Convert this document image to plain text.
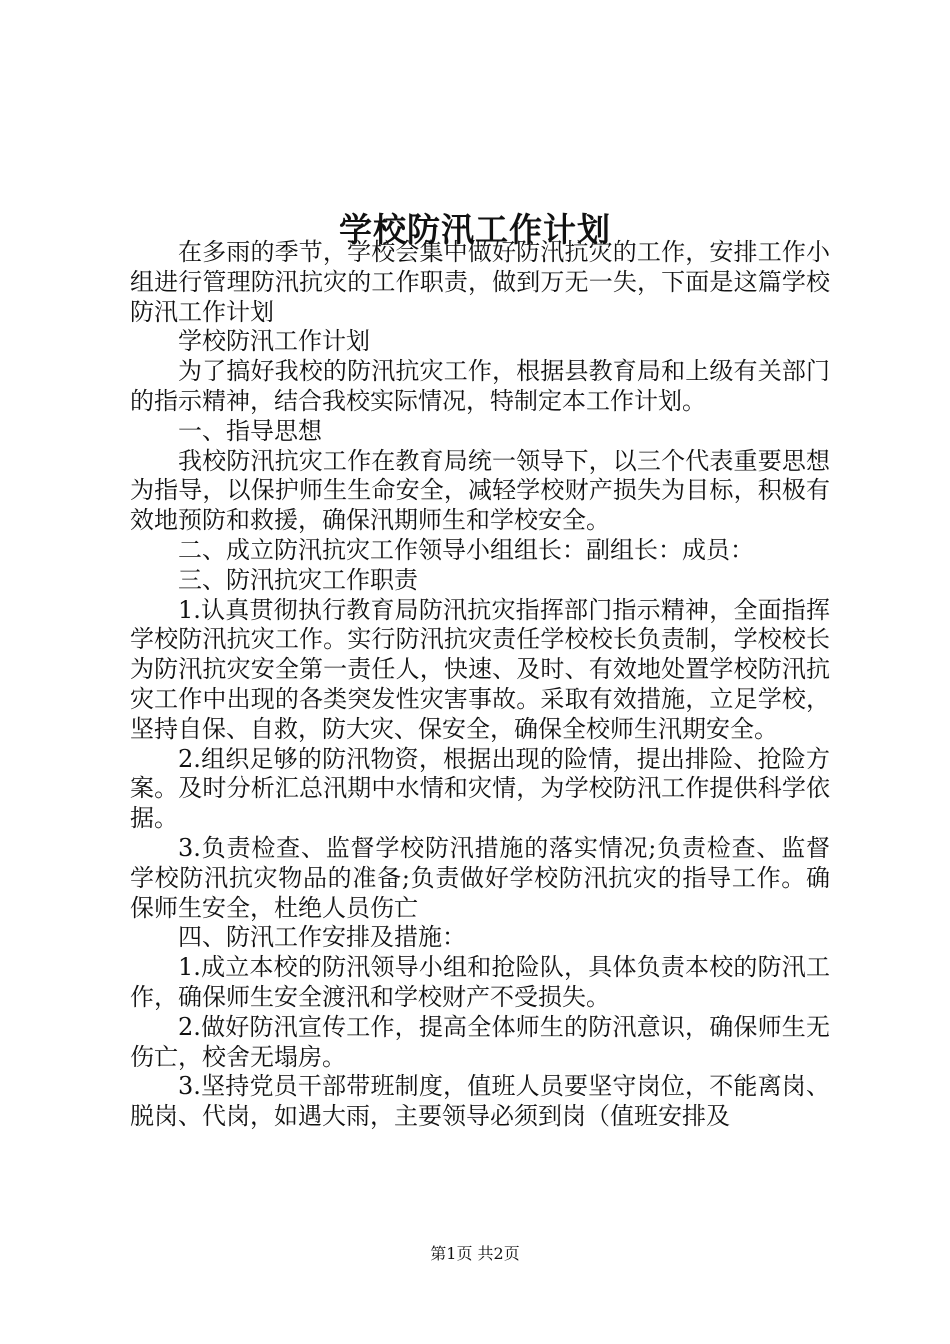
学校防汛工作计划

在多雨的季节，学校会集中做好防汛抗灾的工作，安排工作小组进行管理防汛抗灾的工作职责，做到万无一失，下面是这篇学校防汛工作计划

学校防汛工作计划

为了搞好我校的防汛抗灾工作，根据县教育局和上级有关部门的指示精神，结合我校实际情况，特制定本工作计划。

一、指导思想

我校防汛抗灾工作在教育局统一领导下，以三个代表重要思想为指导，以保护师生生命安全，减轻学校财产损失为目标，积极有效地预防和救援，确保汛期师生和学校安全。

二、成立防汛抗灾工作领导小组组长：副组长：成员：

三、防汛抗灾工作职责

1.认真贯彻执行教育局防汛抗灾指挥部门指示精神，全面指挥学校防汛抗灾工作。实行防汛抗灾责任学校校长负责制，学校校长为防汛抗灾安全第一责任人，快速、及时、有效地处置学校防汛抗灾工作中出现的各类突发性灾害事故。采取有效措施，立足学校，坚持自保、自救，防大灾、保安全，确保全校师生汛期安全。

2.组织足够的防汛物资，根据出现的险情，提出排险、抢险方案。及时分析汇总汛期中水情和灾情，为学校防汛工作提供科学依据。

3.负责检查、监督学校防汛措施的落实情况;负责检查、监督学校防汛抗灾物品的准备;负责做好学校防汛抗灾的指导工作。确保师生安全，杜绝人员伤亡

四、防汛工作安排及措施：

1.成立本校的防汛领导小组和抢险队，具体负责本校的防汛工作，确保师生安全渡汛和学校财产不受损失。

2.做好防汛宣传工作，提高全体师生的防汛意识，确保师生无伤亡，校舍无塌房。

3.坚持党员干部带班制度，值班人员要坚守岗位，不能离岗、脱岗、代岗，如遇大雨，主要领导必须到岗（值班安排及

第1页 共2页
